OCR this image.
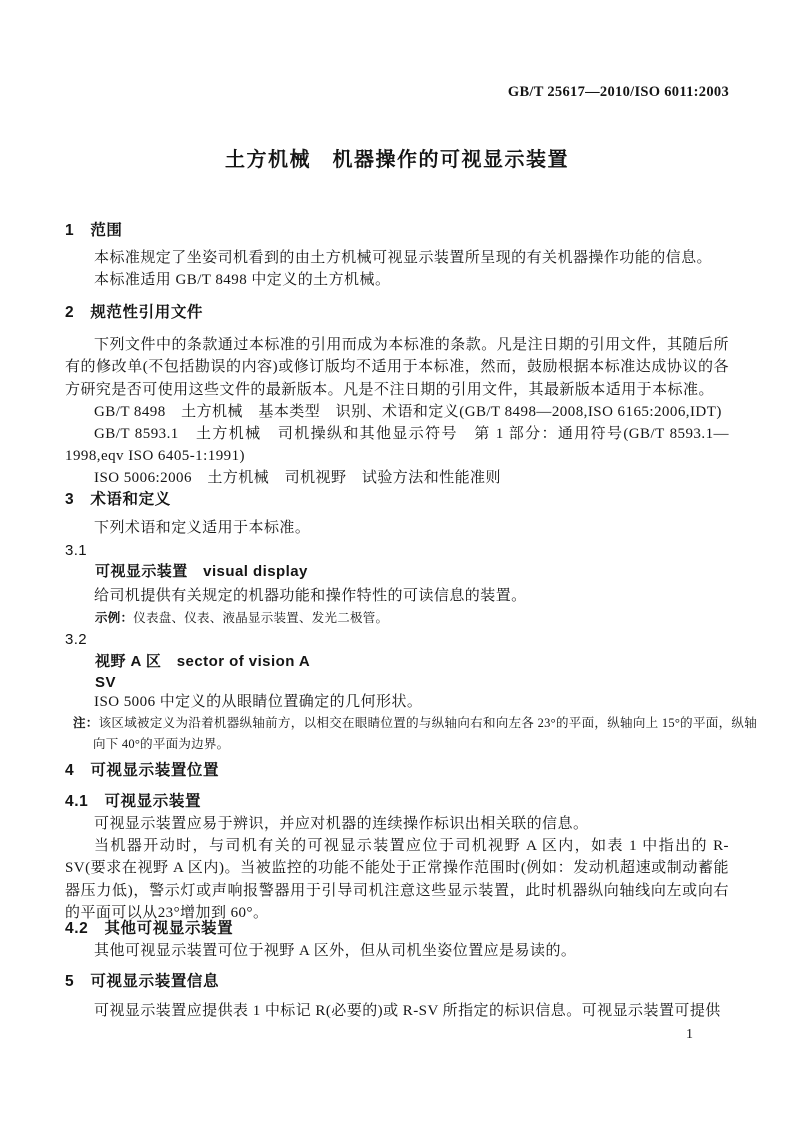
GB/T 25617—2010/ISO 6011:2003
土方机械　机器操作的可视显示装置
1　范围
本标准规定了坐姿司机看到的由土方机械可视显示装置所呈现的有关机器操作功能的信息。
本标准适用 GB/T 8498 中定义的土方机械。
2　规范性引用文件
下列文件中的条款通过本标准的引用而成为本标准的条款。凡是注日期的引用文件，其随后所有的修改单(不包括勘误的内容)或修订版均不适用于本标准，然而，鼓励根据本标准达成协议的各方研究是否可使用这些文件的最新版本。凡是不注日期的引用文件，其最新版本适用于本标准。
GB/T 8498　土方机械　基本类型　识别、术语和定义(GB/T 8498—2008,ISO 6165:2006,IDT)
GB/T 8593.1　土方机械　司机操纵和其他显示符号　第 1 部分：通用符号(GB/T 8593.1—1998,eqv ISO 6405-1:1991)
ISO 5006:2006　土方机械　司机视野　试验方法和性能准则
3　术语和定义
下列术语和定义适用于本标准。
3.1
可视显示装置　visual display
给司机提供有关规定的机器功能和操作特性的可读信息的装置。
示例：仪表盘、仪表、液晶显示装置、发光二极管。
3.2
视野 A 区　sector of vision A
SV
ISO 5006 中定义的从眼睛位置确定的几何形状。
注：该区域被定义为沿着机器纵轴前方，以相交在眼睛位置的与纵轴向右和向左各 23°的平面，纵轴向上 15°的平面，纵轴向下 40°的平面为边界。
4　可视显示装置位置
4.1　可视显示装置
可视显示装置应易于辨识，并应对机器的连续操作标识出相关联的信息。
当机器开动时，与司机有关的可视显示装置应位于司机视野 A 区内，如表 1 中指出的 R-SV(要求在视野 A 区内)。当被监控的功能不能处于正常操作范围时(例如：发动机超速或制动蓄能器压力低)，警示灯或声响报警器用于引导司机注意这些显示装置，此时机器纵向轴线向左或向右的平面可以从23°增加到 60°。
4.2　其他可视显示装置
其他可视显示装置可位于视野 A 区外，但从司机坐姿位置应是易读的。
5　可视显示装置信息
可视显示装置应提供表 1 中标记 R(必要的)或 R-SV 所指定的标识信息。可视显示装置可提供
1
